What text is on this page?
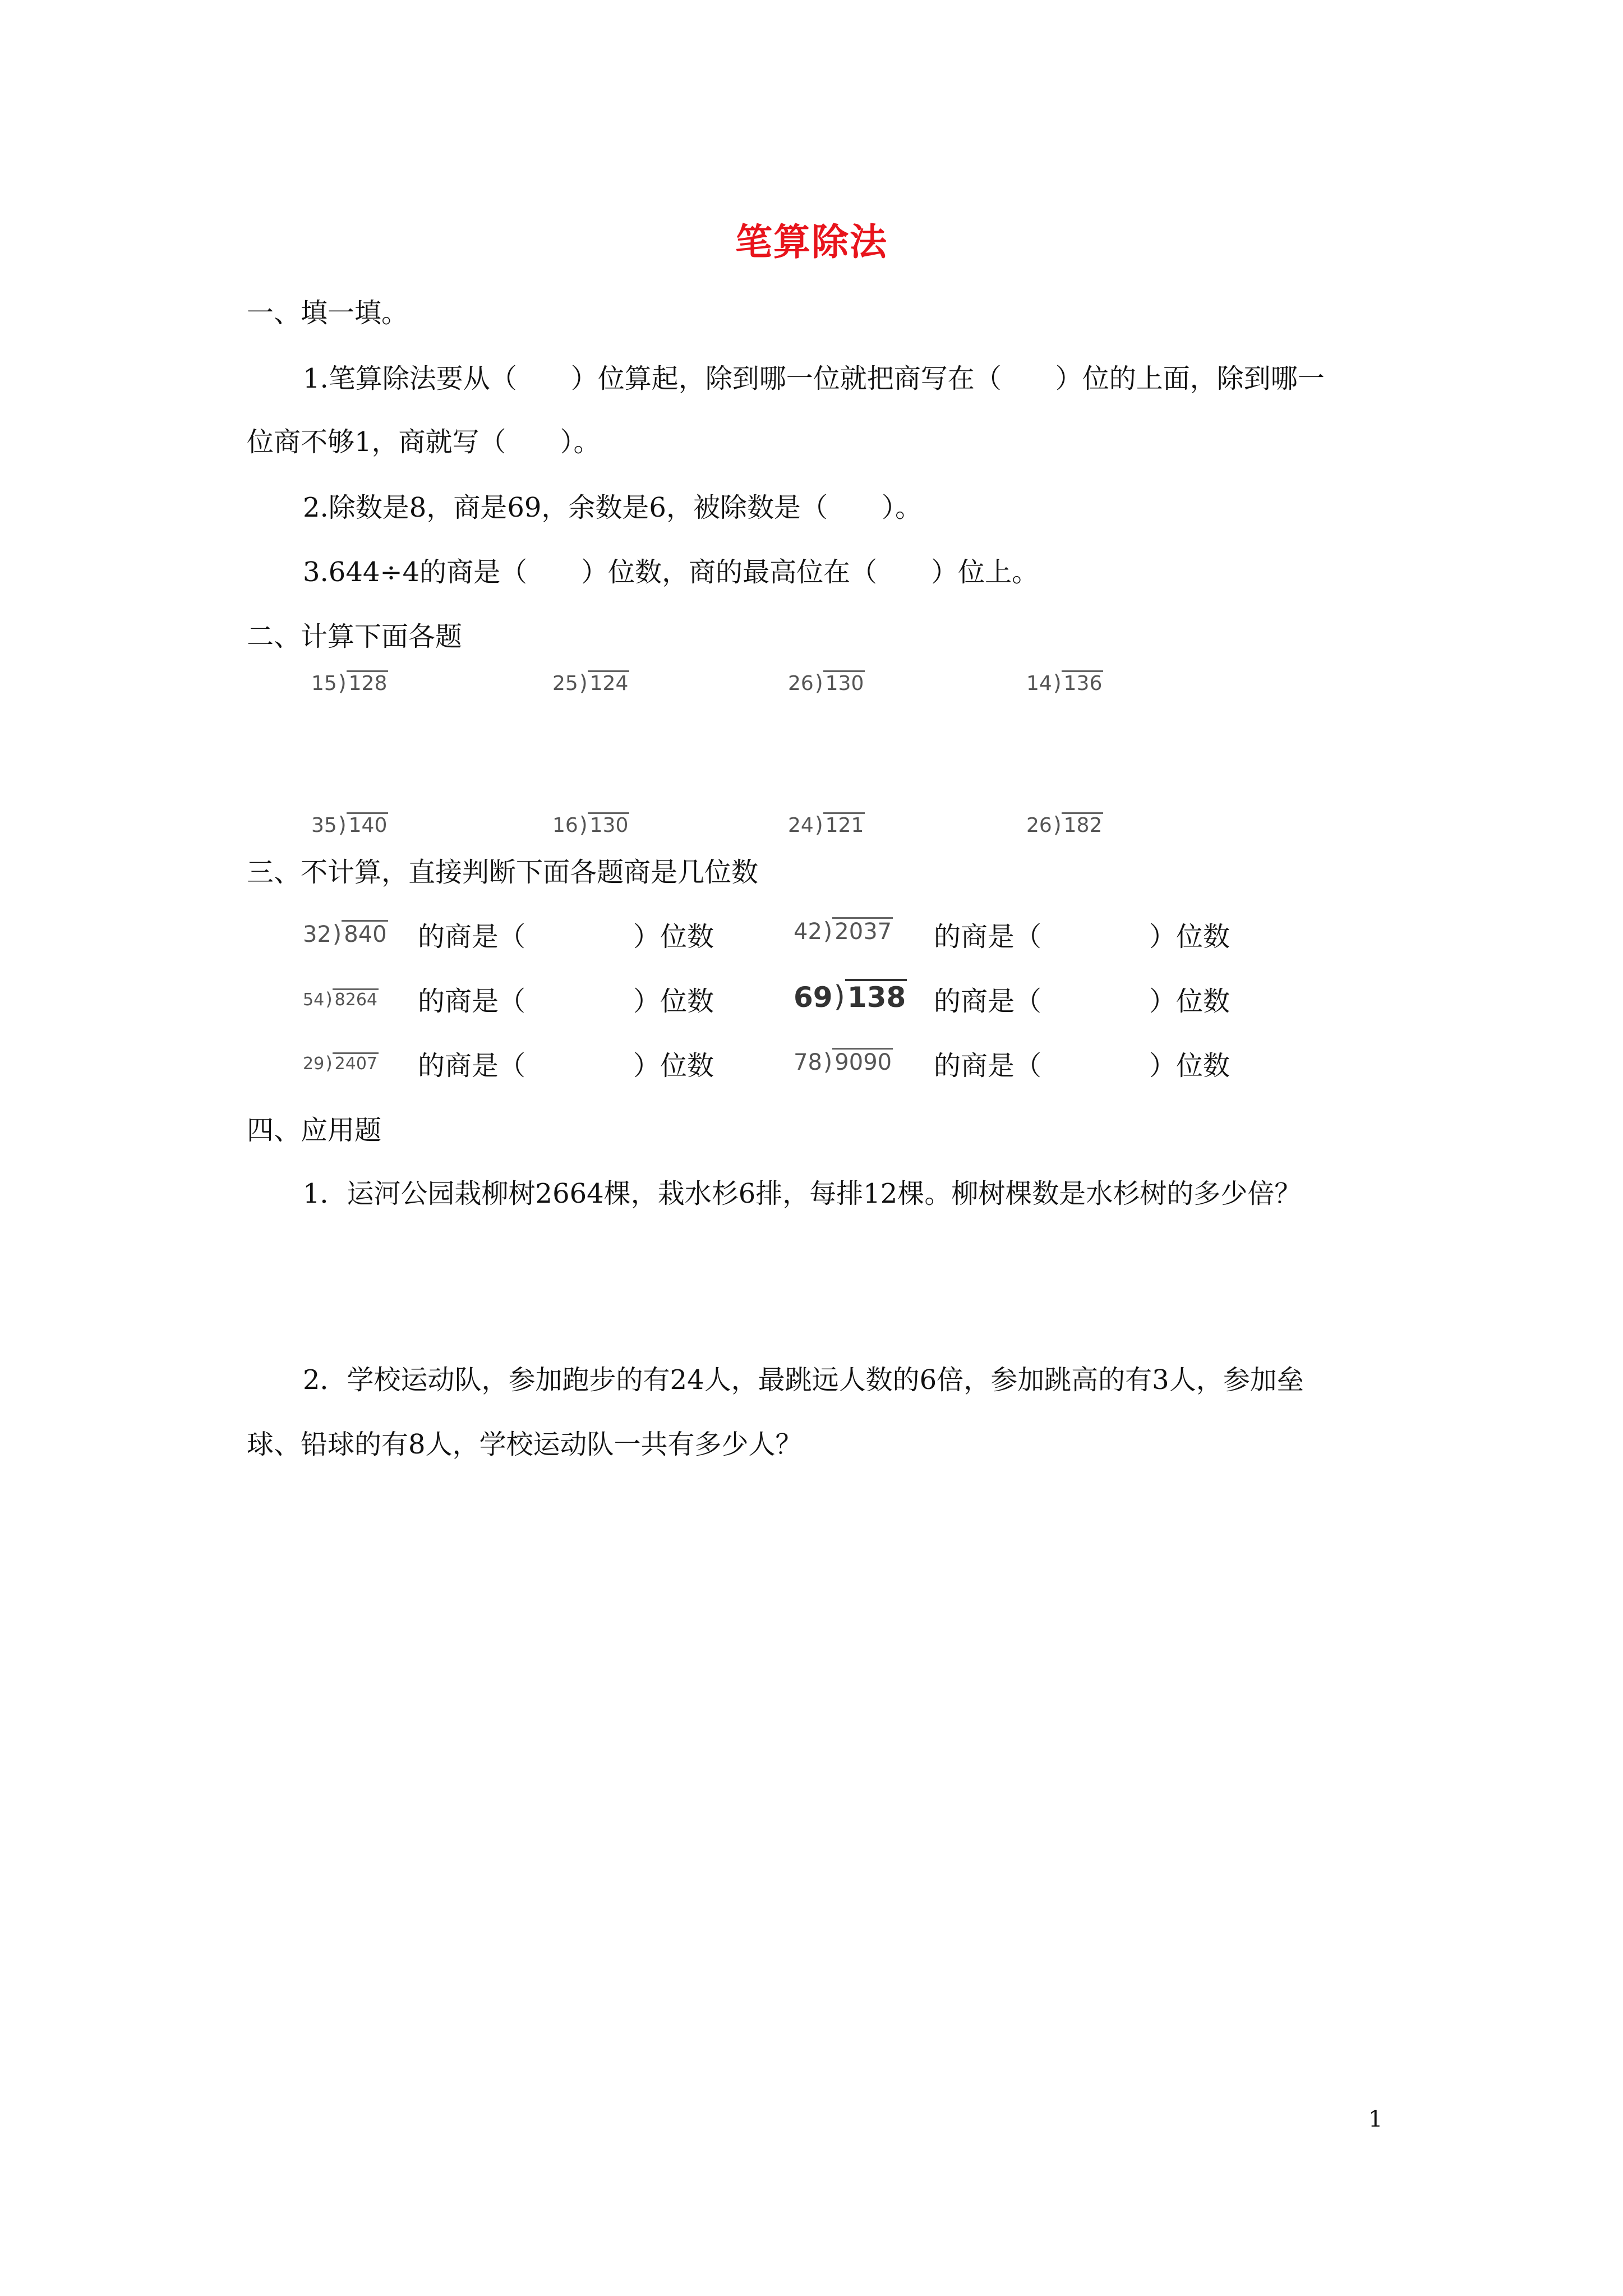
笔算除法
一、填一填。
1.笔算除法要从（　　）位算起，除到哪一位就把商写在（　　）位的上面，除到哪一
位商不够1，商就写（　　）。
2.除数是8，商是69，余数是6，被除数是（　　）。
3.644÷4的商是（　　）位数，商的最高位在（　　）位上。
二、计算下面各题
15 ) 128	25 ) 124	26 ) 130	14 ) 136
35 ) 140	16 ) 130	24 ) 121	26 ) 182
三、不计算，直接判断下面各题商是几位数
32 ) 840 的商是（　　　　）位数	42 ) 2037 的商是（　　　　）位数
54 ) 8264 的商是（　　　　）位数	69 ) 138 的商是（　　　　）位数
29 ) 2407 的商是（　　　　）位数	78 ) 9090 的商是（　　　　）位数
四、应用题
1．运河公园栽柳树2664棵，栽水杉6排，每排12棵。柳树棵数是水杉树的多少倍？
2．学校运动队，参加跑步的有24人，最跳远人数的6倍，参加跳高的有3人，参加垒
球、铅球的有8人，学校运动队一共有多少人？
1
